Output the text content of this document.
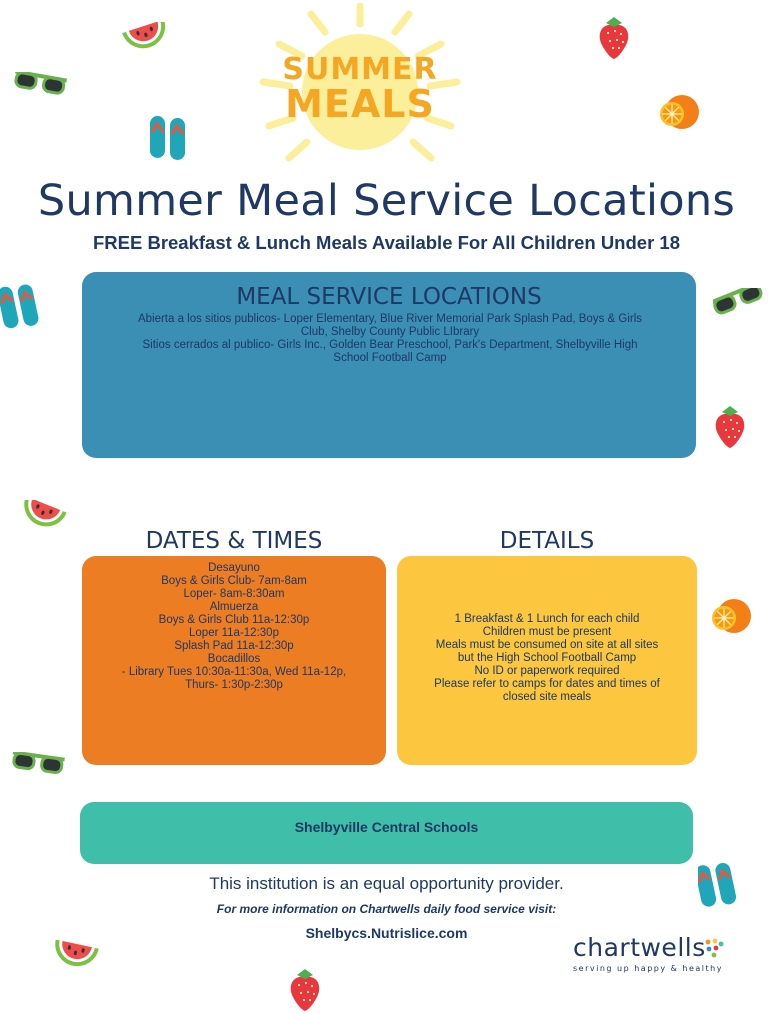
SUMMER
MEALS
Summer Meal Service Locations
FREE Breakfast & Lunch Meals Available For All Children Under 18
MEAL SERVICE LOCATIONS
Abierta a los sitios publicos- Loper Elementary, Blue River Memorial Park Splash Pad, Boys & Girls
Club, Shelby County Public LIbrary
Sitios cerrados al publico- Girls Inc., Golden Bear Preschool, Park's Department, Shelbyville High
School Football Camp
DATES & TIMES	DETAILS
Desayuno
Boys & Girls Club- 7am-8am
Loper- 8am-8:30am
Almuerza
Boys & Girls Club 11a-12:30p
Loper 11a-12:30p
Splash Pad 11a-12:30p
Bocadillos
- Library Tues 10:30a-11:30a, Wed 11a-12p,
Thurs- 1:30p-2:30p
1 Breakfast & 1 Lunch for each child
Children must be present
Meals must be consumed on site at all sites
but the High School Football Camp
No ID or paperwork required
Please refer to camps for dates and times of
closed site meals
Shelbyville Central Schools
This institution is an equal opportunity provider.
For more information on Chartwells daily food service visit:
Shelbycs.Nutrislice.com	chartwells
serving up happy & healthy
